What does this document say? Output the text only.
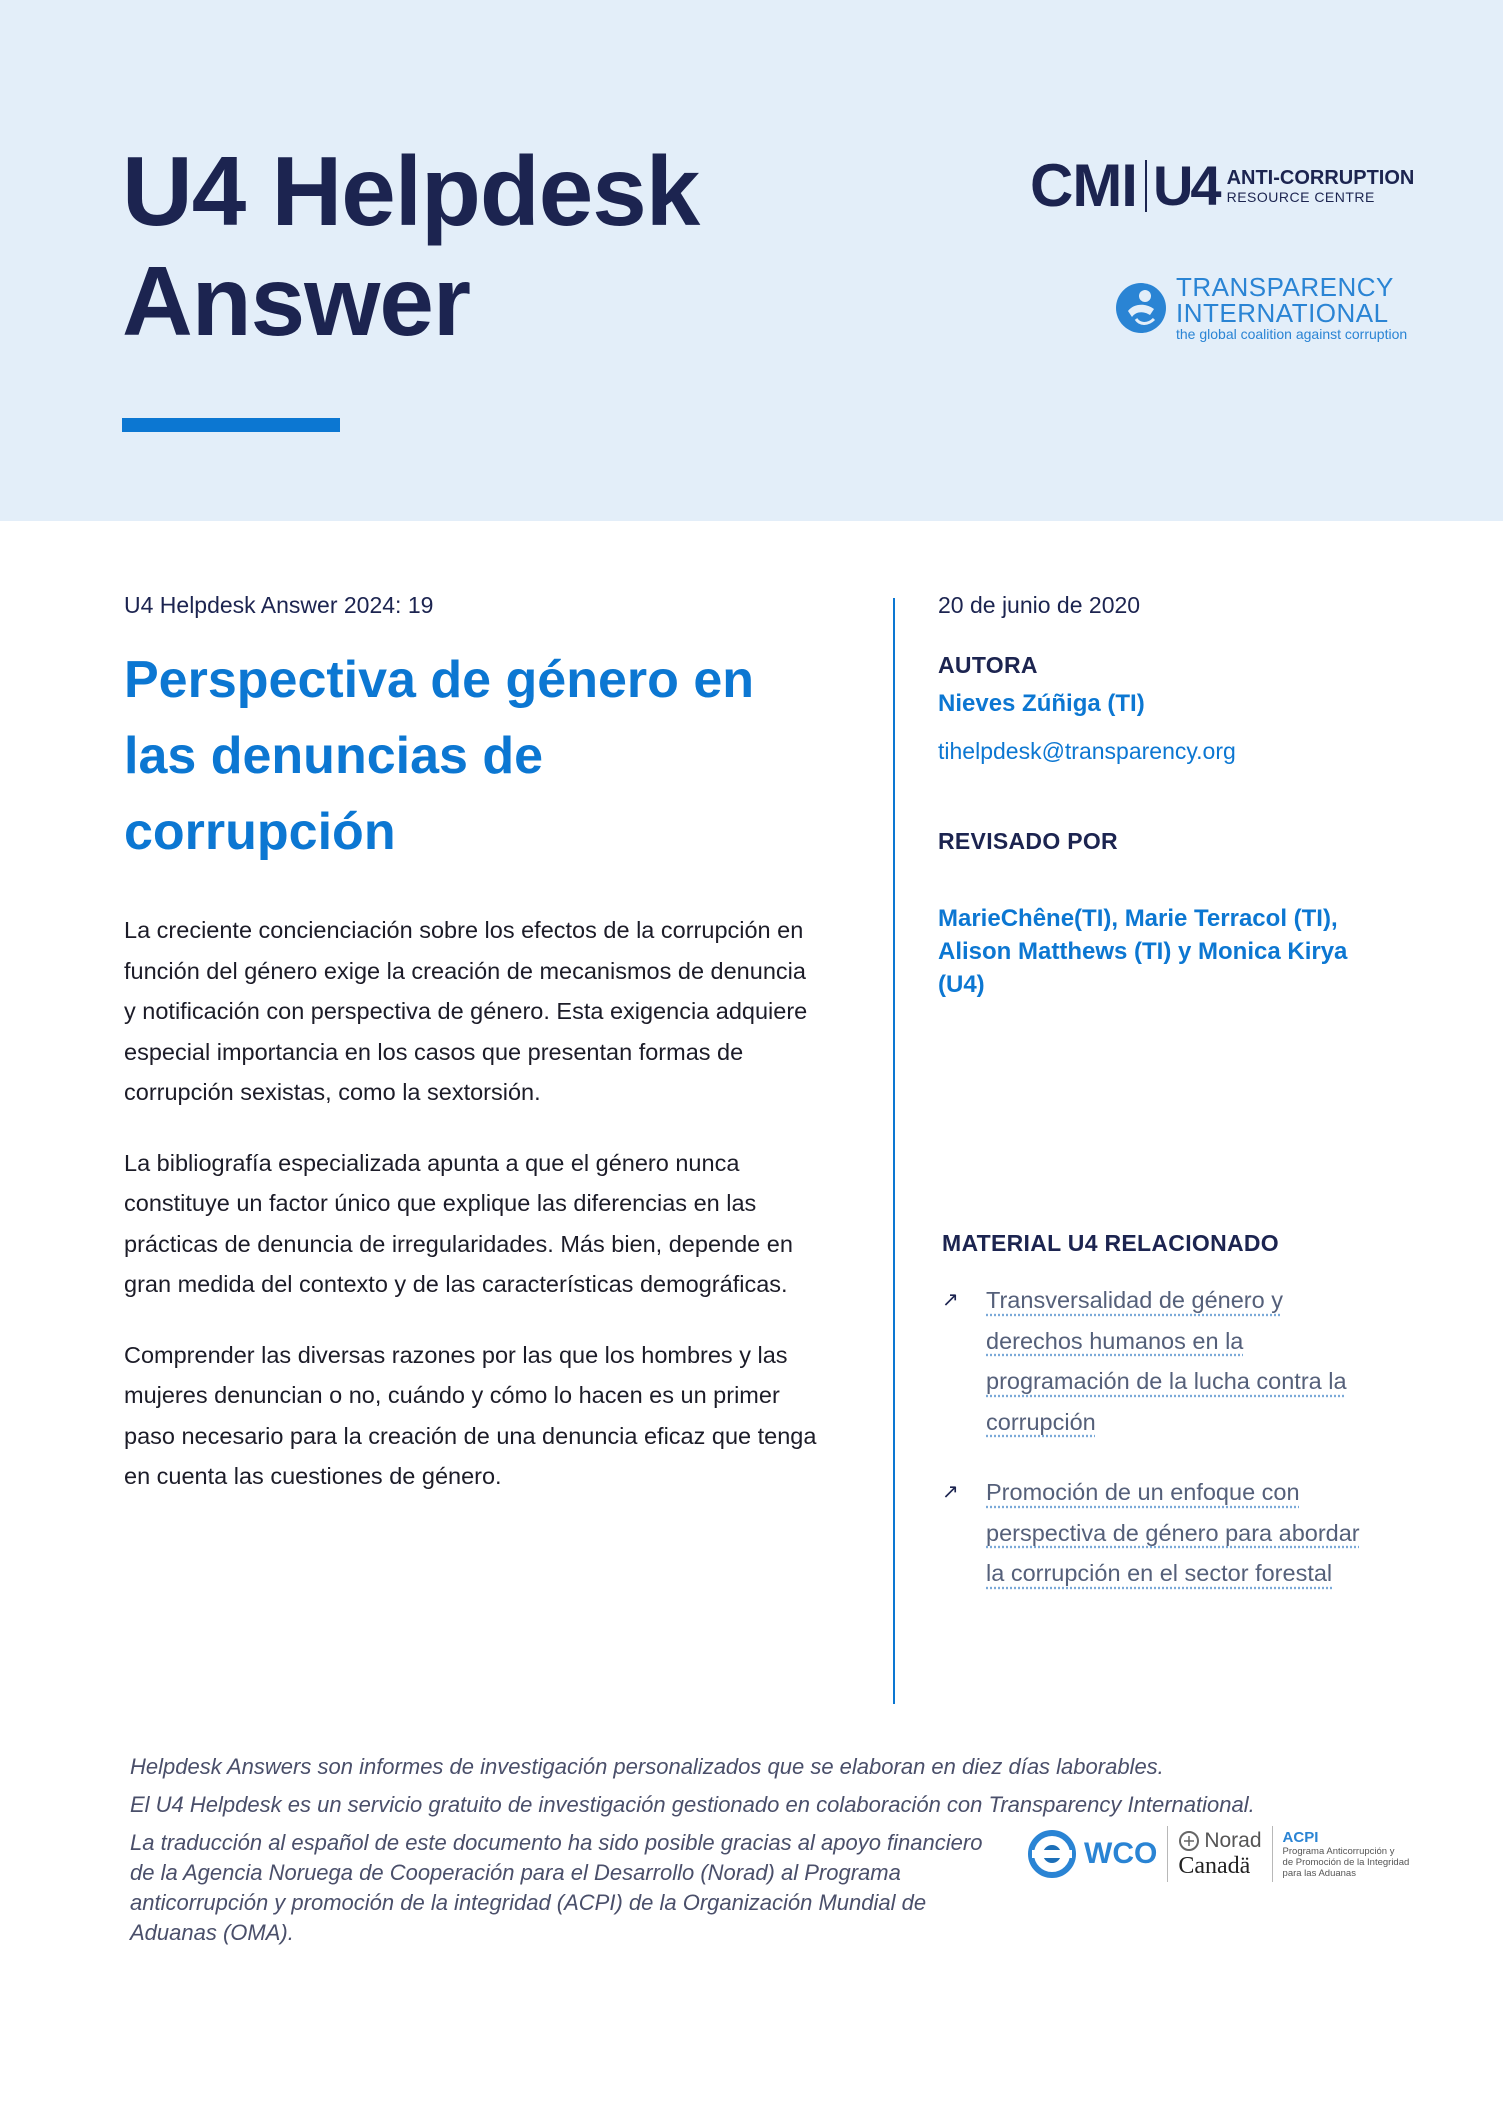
U4 Helpdesk
Answer
CMI U4 ANTI-CORRUPTION
RESOURCE CENTRE
TRANSPARENCY
INTERNATIONAL
the global coalition against corruption

U4 Helpdesk Answer 2024: 19

Perspectiva de género en
las denuncias de
corrupción

La creciente concienciación sobre los efectos de la corrupción en función del género exige la creación de mecanismos de denuncia y notificación con perspectiva de género. Esta exigencia adquiere especial importancia en los casos que presentan formas de corrupción sexistas, como la sextorsión.

La bibliografía especializada apunta a que el género nunca constituye un factor único que explique las diferencias en las prácticas de denuncia de irregularidades. Más bien, depende en gran medida del contexto y de las características demográficas.

Comprender las diversas razones por las que los hombres y las mujeres denuncian o no, cuándo y cómo lo hacen es un primer paso necesario para la creación de una denuncia eficaz que tenga en cuenta las cuestiones de género.

20 de junio de 2020

AUTORA

Nieves Zúñiga (TI)

tihelpdesk@transparency.org

REVISADO POR

MarieChêne(TI), Marie Terracol (TI), Alison Matthews (TI) y Monica Kirya (U4)

MATERIAL U4 RELACIONADO

↗ Transversalidad de género y derechos humanos en la programación de la lucha contra la corrupción
↗ Promoción de un enfoque con perspectiva de género para abordar la corrupción en el sector forestal

Helpdesk Answers son informes de investigación personalizados que se elaboran en diez días laborables.

El U4 Helpdesk es un servicio gratuito de investigación gestionado en colaboración con Transparency International.

La traducción al español de este documento ha sido posible gracias al apoyo financiero de la Agencia Noruega de Cooperación para el Desarrollo (Norad) al Programa anticorrupción y promoción de la integridad (ACPI) de la Organización Mundial de Aduanas (OMA).

WCO Norad
Canadä
ACPI
Programa Anticorrupción y
de Promoción de la Integridad
para las Aduanas
